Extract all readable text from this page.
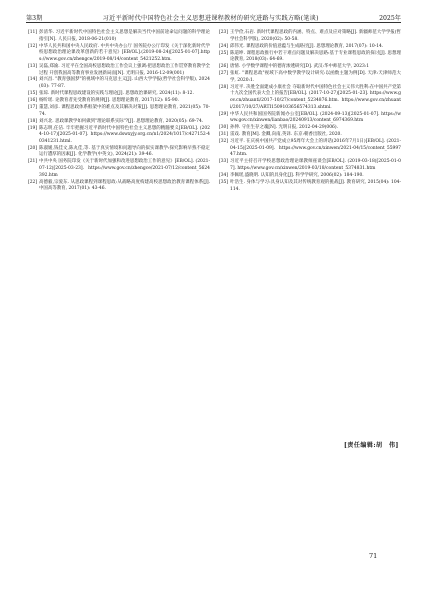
第3期	习近平新时代中国特色社会主义思想进课程教材的研究进路与实践方略(笔谈)	2025年
[11] 彭清华. 习近平新时代中国特色社会主义思想是解决当代中国前途命运问题的科学理论指引[N]. 人民日报, 2018-06-21(010)
[12] 中华人民共和国中央人民政府. 中共中央办公厅 国务院办公厅印发《关于深化新时代学校思想政治理论课改革创新的若干意见》[EB/OL].(2019-08-24)[2025-01-07].https://www.gov.cn/zhengce/2019-08/14/content_5421252.htm.
[13] 吴磊,郑渝. 习近平在全国高校思想政治工作会议上强调:把思想政治工作贯穿教育教学全过程 开创我国高等教育事业发展新局面[N]. 光明日报, 2016-12-09(001)
[14] 刘兴昌. "教育强国梦"的视域中的马克思主义[J]. 山西大学学报(哲学社会科学版), 2024(03): 77-87.
[15] 张琼. 新时代课程思政建设的实践与理论[J]. 思想政治课研究, 2024(11): 8-12.
[16] 杨昕瑶. 论教育者先受教育的规律[J]. 思想理论教育, 2017(12): 85-90.
[17] 董慧,刘彦. 课程思政体系框架中的难点及其解决对策[J]. 思想理论教育, 2021(05): 70-74.
[18] 刘兴北. 思政课教学如何做到"理论联系实际"?[J]. 思想理论教育, 2020(05): 69-74.
[19] 陈志明,任洁. 牢牢把握习近平新时代中国特色社会主义思想的精髓要义[EB/OL]. (2024-10-17)[2025-01-07]. https://www.dswxyjy.org.cn/n1/2024/1017/c427152-40341231.html.
[20] 陈淑媛,钱佳文,陈丸佳,等. 基于真实情境和问题导向的拟实课教学:探究影响早熟不稳定运行遭厚的因素[J]. 化学教学(中英文), 2024(21): 39-46.
[21] 中共中央 国务院印发《关于新时代加强和改进思想政治工作的意见》[EB/OL]. (2021-07-12)[2025-03-23]. https://www.gov.cn/zhengce/2021-07/12/content_5624392.htm
[22] 高德毅,宗爱东. 从思政课程到课程思政:从战略高度构建高校思想政治教育课程体系[J]. 中国高等教育, 2017(01): 43-46.
[23] 王学俭,石岩. 新时代课程思政的内涵、特点、难点及应对策略[J]. 新疆师范大学学报(哲学社会科学版), 2020(02): 50-58.
[24] 邱伟光. 课程思政的价值意蕴与生成路径[J]. 思想理论教育, 2017(07): 10-14.
[25] 陈道坤. 课程思政推行中若干难点问题及解决思路:基于专业课程思政的探讨[J]. 思想理论教育, 2018(03): 64-69.
[26] 唐情. 小学数学课程中的德育渗透研究[D]. 武汉:华中师范大学, 2023:1
[27] 张虹. "课程思政"视域下高中数学教学设计研究:以函数主题为例[D]. 天津:天津师范大学, 2020:1.
[28] 习近平. 决胜全面建成小康社会 夺取新时代中国特色社会主义伟大胜利:在中国共产党第十九次全国代表大会上的报告[EB/OL]. (2017-10-27)[2025-01-23]. https://www.gov.cn/zhuanti/2017-10/27/content_5234876.htm. https://www.gov.cn/zhuanti/2017/10/27/ARTI1509103656574313.shtml.
[29] 中华人民共和国国务院新闻办公室[EB/OL]. (2024-09-13)[2025-01-07]. https://www.gov.cn/xinwen/lianbao/20240913/content_6974369.htm
[30] 孙伸. 守住生存之魂[N]. 光明日报, 2012-04-29(006).
[31] 雷戏. 教育[M]. 金卿,向南,英译. 东京:朝香出版社, 2020.
[32] 习近平. 在庆祝中国共产党成立95周年大会上的讲话(2016年7月1日)[EB/OL]. (2021-04-15)[2025-01-09]. https://www.gov.cn/xinwen/2021-04/15/content_5599747.htm.
[33] 习近平主持召开学校思想政治理论课教师座谈会[EB/OL]. (2019-03-18)[2025-01-07]. https://www.gov.cn/xinwen/2019-03/18/content_5374831.htm
[34] 李佩瑶,盛晓明. 认知的具身化[J]. 科学学研究, 2006(02): 184-190.
[35] 叶浩生. 身体与学习:具身认知及其对传统教育观的挑战[J]. 教育研究, 2015(04): 104-114.
[责任编辑:胡　伟]
71
